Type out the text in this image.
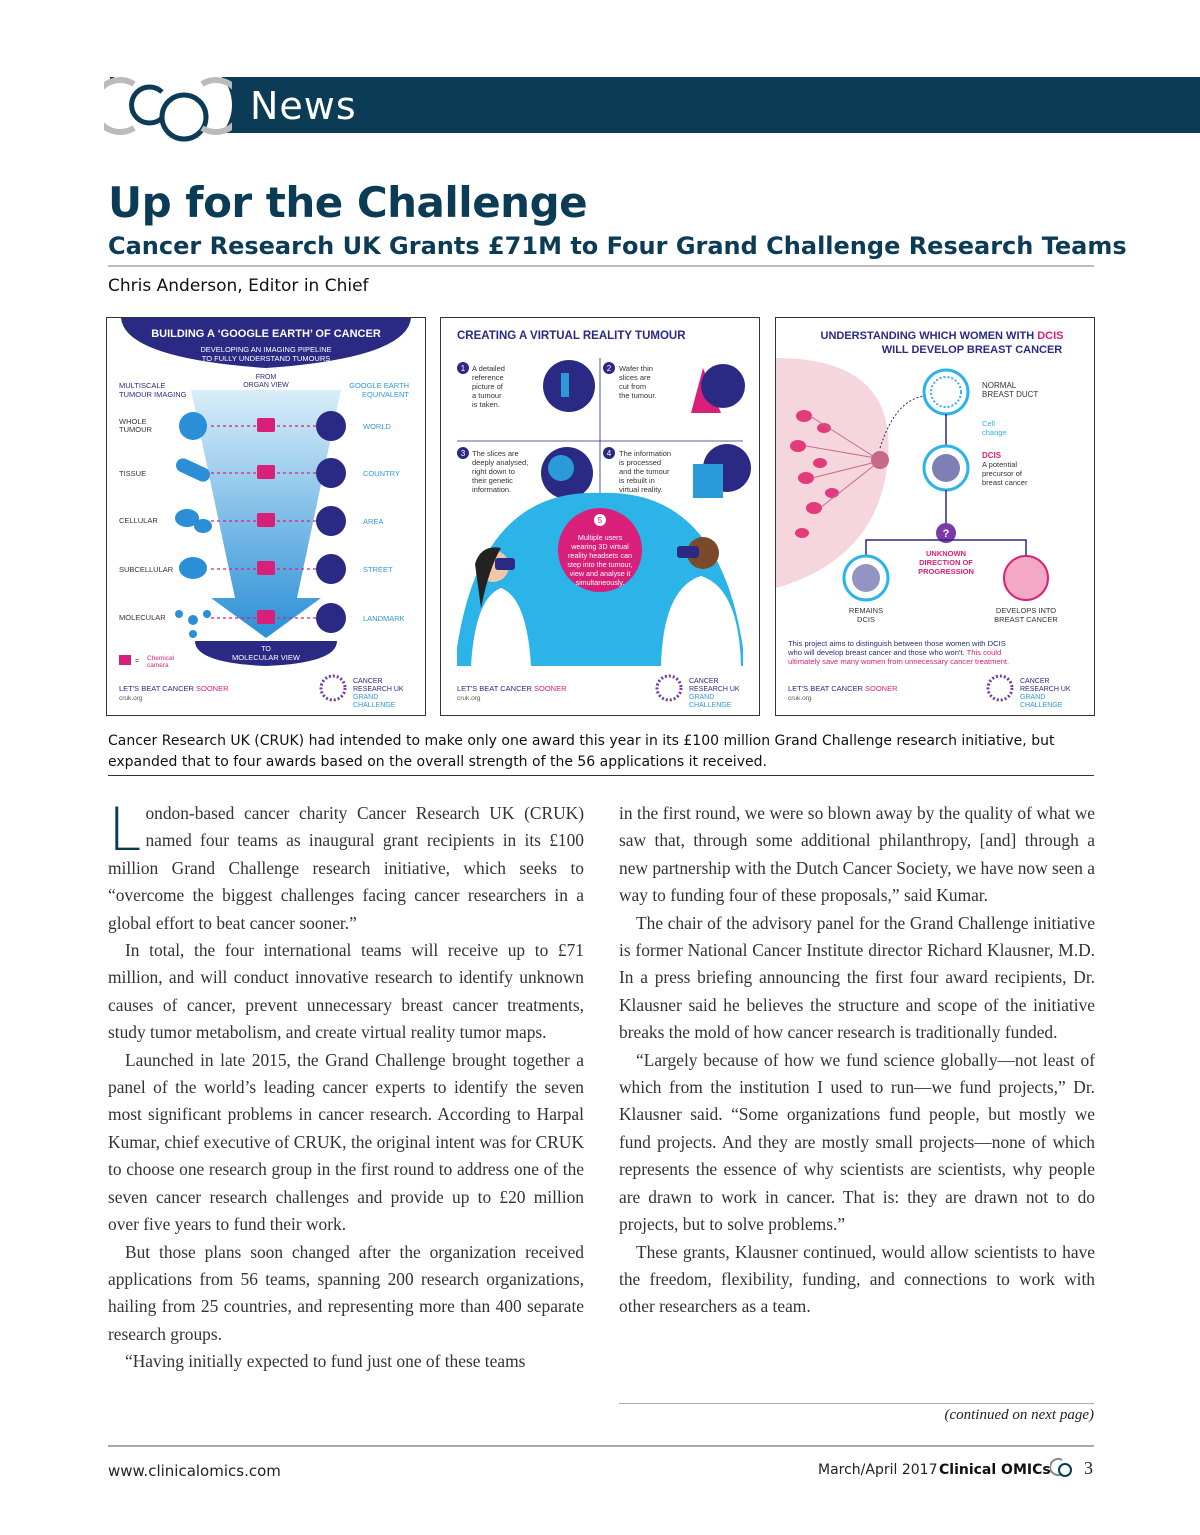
News
Up for the Challenge
Cancer Research UK Grants £71M to Four Grand Challenge Research Teams
Chris Anderson, Editor in Chief
BUILDING A ‘GOOGLE EARTH’ OF CANCER
DEVELOPING AN IMAGING PIPELINE
TO FULLY UNDERSTAND TUMOURS
FROM
ORGAN VIEW
MULTISCALE
TUMOUR IMAGING
GOOGLE EARTH
EQUIVALENT
WHOLE
TUMOUR
TISSUE
CELLULAR
SUBCELLULAR
MOLECULAR
WORLD
COUNTRY
AREA
STREET
LANDMARK
TO
MOLECULAR VIEW
= Chemical
camera
LET'S BEAT CANCER SOONER
cruk.org
CANCER
RESEARCH UK
GRAND
CHALLENGE
CREATING A VIRTUAL REALITY TUMOUR
1 A detailed
reference
picture of
a tumour
is taken.
2 Wafer thin
slices are
cut from
the tumour.
3 The slices are
deeply analysed,
right down to
their genetic
information.
4 The information
is processed
and the tumour
is rebuilt in
virtual reality.
5
Multiple users
wearing 3D virtual
reality headsets can
step into the tumour,
view and analyse it
simultaneously.
LET'S BEAT CANCER SOONER
cruk.org
CANCER
RESEARCH UK
GRAND
CHALLENGE
UNDERSTANDING WHICH WOMEN WITH DCIS
WILL DEVELOP BREAST CANCER
NORMAL
BREAST DUCT
Cell
change
DCIS
A potential
precursor of
breast cancer
?
UNKNOWN
DIRECTION OF
PROGRESSION
REMAINS
DCIS
DEVELOPS INTO
BREAST CANCER
This project aims to distinguish between those women with DCIS
who will develop breast cancer and those who won't. This could
ultimately save many women from unnecessary cancer treatment.
LET'S BEAT CANCER SOONER
cruk.org
CANCER
RESEARCH UK
GRAND
CHALLENGE
Cancer Research UK (CRUK) had intended to make only one award this year in its £100 million Grand Challenge research initiative, but expanded that to four awards based on the overall strength of the 56 applications it received.

London-based cancer charity Cancer Research UK (CRUK) named four teams as inaugural grant recipients in its £100 million Grand Challenge research initiative, which seeks to “overcome the biggest challenges facing cancer researchers in a global effort to beat cancer sooner.”

In total, the four international teams will receive up to £71 million, and will conduct innovative research to identify unknown causes of cancer, prevent unnecessary breast cancer treatments, study tumor metabolism, and create virtual reality tumor maps.

Launched in late 2015, the Grand Challenge brought together a panel of the world’s leading cancer experts to identify the seven most significant problems in cancer research. According to Harpal Kumar, chief executive of CRUK, the original intent was for CRUK to choose one research group in the first round to address one of the seven cancer research challenges and provide up to £20 million over five years to fund their work.

But those plans soon changed after the organization received applications from 56 teams, spanning 200 research organizations, hailing from 25 countries, and representing more than 400 separate research groups.

“Having initially expected to fund just one of these teams

in the first round, we were so blown away by the quality of what we saw that, through some additional philanthropy, [and] through a new partnership with the Dutch Cancer Society, we have now seen a way to funding four of these proposals,” said Kumar.

The chair of the advisory panel for the Grand Challenge initiative is former National Cancer Institute director Richard Klausner, M.D. In a press briefing announcing the first four award recipients, Dr. Klausner said he believes the structure and scope of the initiative breaks the mold of how cancer research is traditionally funded.

“Largely because of how we fund science globally—not least of which from the institution I used to run—we fund projects,” Dr. Klausner said. “Some organizations fund people, but mostly we fund projects. And they are mostly small projects—none of which represents the essence of why scientists are scientists, why people are drawn to work in cancer. That is: they are drawn not to do projects, but to solve problems.”

These grants, Klausner continued, would allow scientists to have the freedom, flexibility, funding, and connections to work with other researchers as a team.

(continued on next page)
www.clinicalomics.com	March/April 2017 Clinical OMICs 3
